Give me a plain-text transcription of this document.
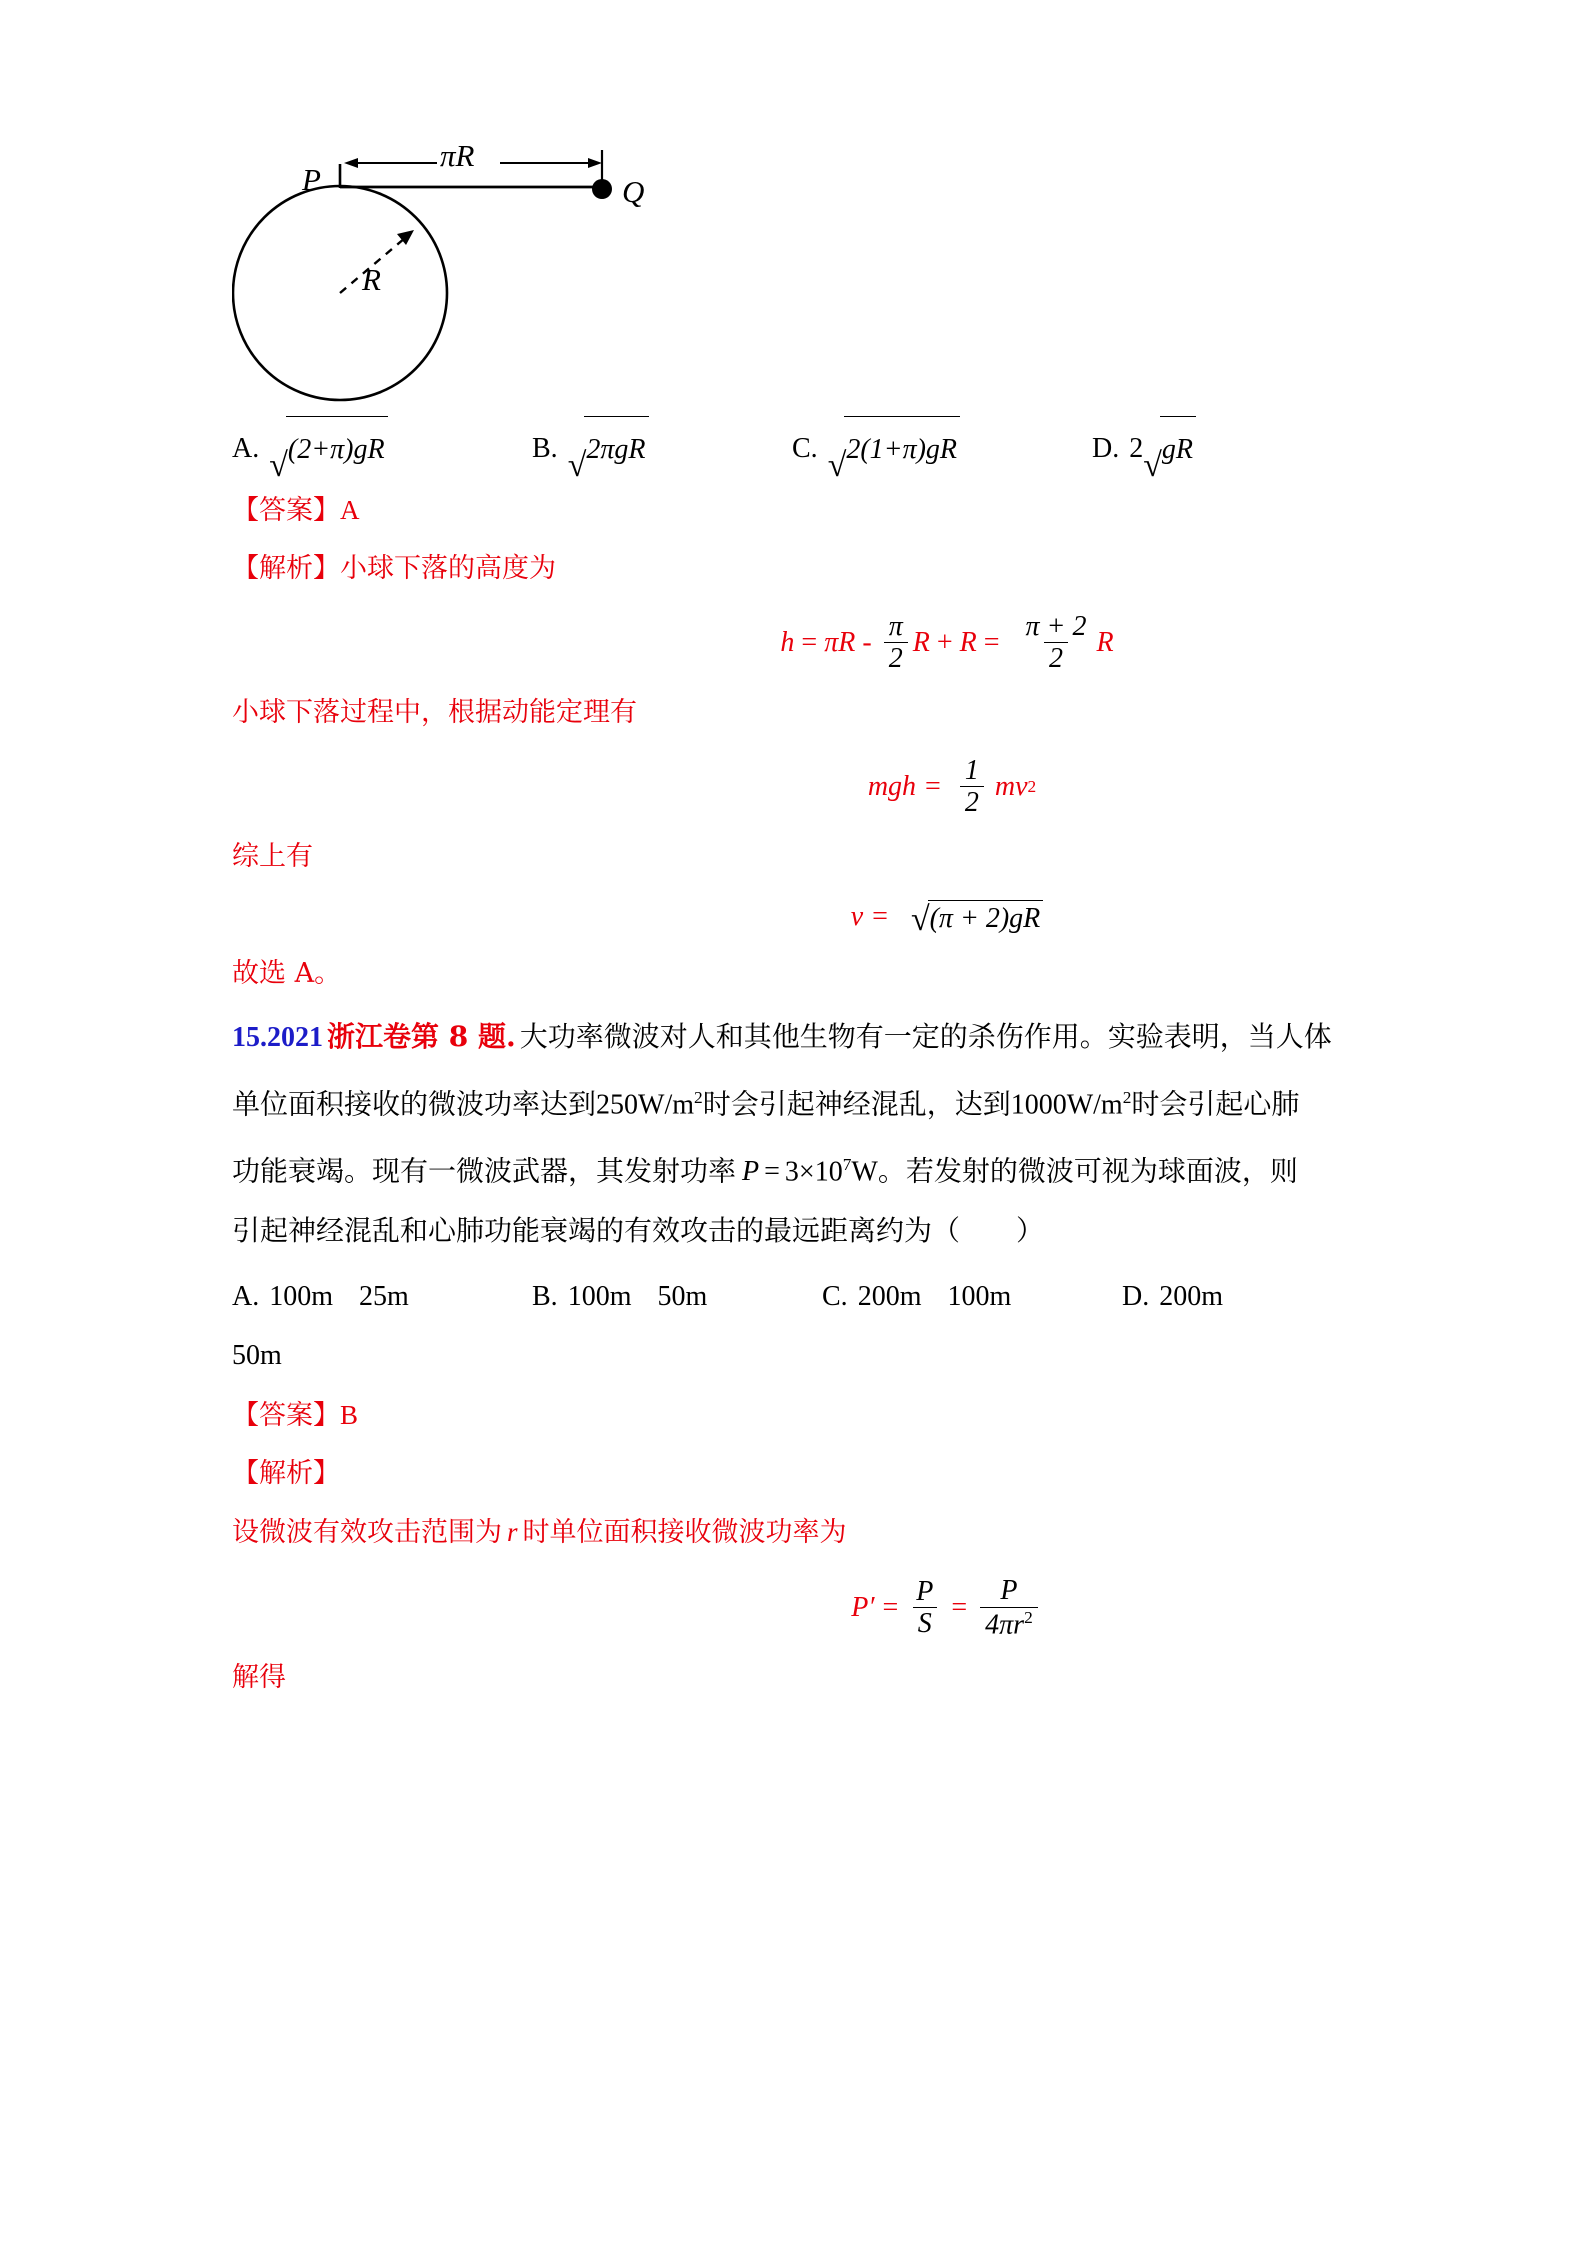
P	Q
πR
R
A. √ (2+π)gR	B. √ 2πgR	C. √ 2(1+π)gR	D. 2 √ gR
【答案】A
【解析】小球下落的高度为
$h = \pi R - \frac{\pi}{2}$ $R + R = \frac{\pi + 2}{2}$ R
小球下落过程中，根据动能定理有
mgh = $\frac{1}{2}$ mv 2
综上有
v = √ (π + 2)gR
故选 A。
15.2021 浙江卷第 8 题. 大功率微波对人和其他生物有一定的杀伤作用。实验表明，当人体
单位面积接收的微波功率达到$250W/m^2$时会引起神经混乱，达到$1000W/m^2$时会引起心肺
功能衰竭。现有一微波武器，其发射功率 $P = 3\times 10^7W$。若发射的微波可视为球面波，则
引起神经混乱和心肺功能衰竭的有效攻击的最远距离约为（　　）
A. 100m 25m	B. 100m 50m	C. 200m 100m	D. 200m
50m
【答案】B
【解析】
设微波有效攻击范围为 r 时单位面积接收微波功率为
P ′ = $\frac{P}{S} = \frac{P}{4\pi r^2}$
解得
